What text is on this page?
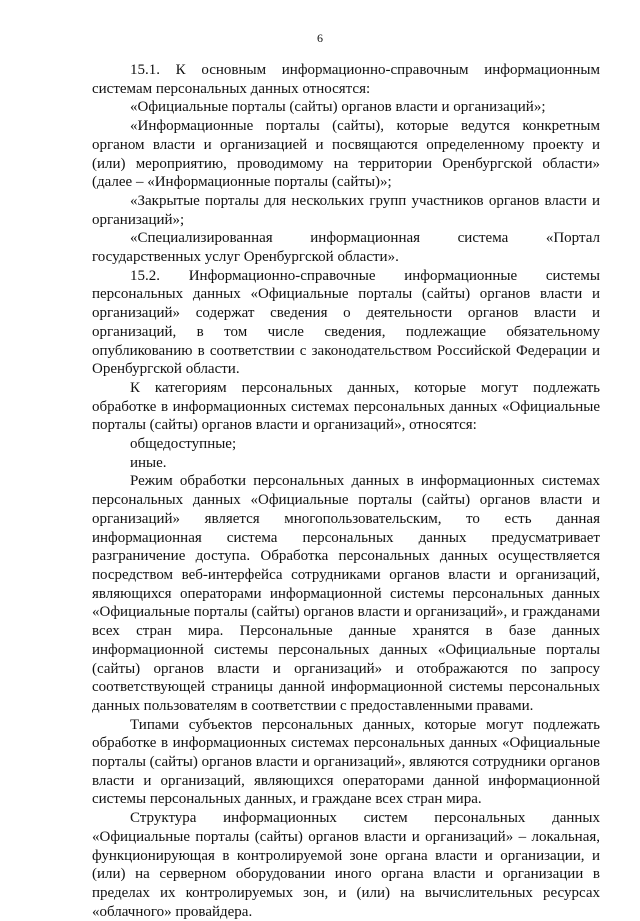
6

15.1. К основным информационно-справочным информационным системам персональных данных относятся:

«Официальные порталы (сайты) органов власти и организаций»;

«Информационные порталы (сайты), которые ведутся конкретным органом власти и организацией и посвящаются определенному проекту и (или) мероприятию, проводимому на территории Оренбургской области» (далее – «Информационные порталы (сайты)»;

«Закрытые порталы для нескольких групп участников органов власти и организаций»;

«Специализированная информационная система «Портал государственных услуг Оренбургской области».

15.2. Информационно-справочные информационные системы персональных данных «Официальные порталы (сайты) органов власти и организаций» содержат сведения о деятельности органов власти и организаций, в том числе сведения, подлежащие обязательному опубликованию в соответствии с законодательством Российской Федерации и Оренбургской области.

К категориям персональных данных, которые могут подлежать обработке в информационных системах персональных данных «Официальные порталы (сайты) органов власти и организаций», относятся:

общедоступные;

иные.

Режим обработки персональных данных в информационных системах персональных данных «Официальные порталы (сайты) органов власти и организаций» является многопользовательским, то есть данная информационная система персональных данных предусматривает разграничение доступа. Обработка персональных данных осуществляется посредством веб-интерфейса сотрудниками органов власти и организаций, являющихся операторами информационной системы персональных данных «Официальные порталы (сайты) органов власти и организаций», и гражданами всех стран мира. Персональные данные хранятся в базе данных информационной системы персональных данных «Официальные порталы (сайты) органов власти и организаций» и отображаются по запросу соответствующей страницы данной информационной системы персональных данных пользователям в соответствии с предоставленными правами.

Типами субъектов персональных данных, которые могут подлежать обработке в информационных системах персональных данных «Официальные порталы (сайты) органов власти и организаций», являются сотрудники органов власти и организаций, являющихся операторами данной информационной системы персональных данных, и граждане всех стран мира.

Структура информационных систем персональных данных «Официальные порталы (сайты) органов власти и организаций» – локальная, функционирующая в контролируемой зоне органа власти и организации, и (или) на серверном оборудовании иного органа власти и организации в пределах их контролируемых зон, и (или) на вычислительных ресурсах «облачного» провайдера.
